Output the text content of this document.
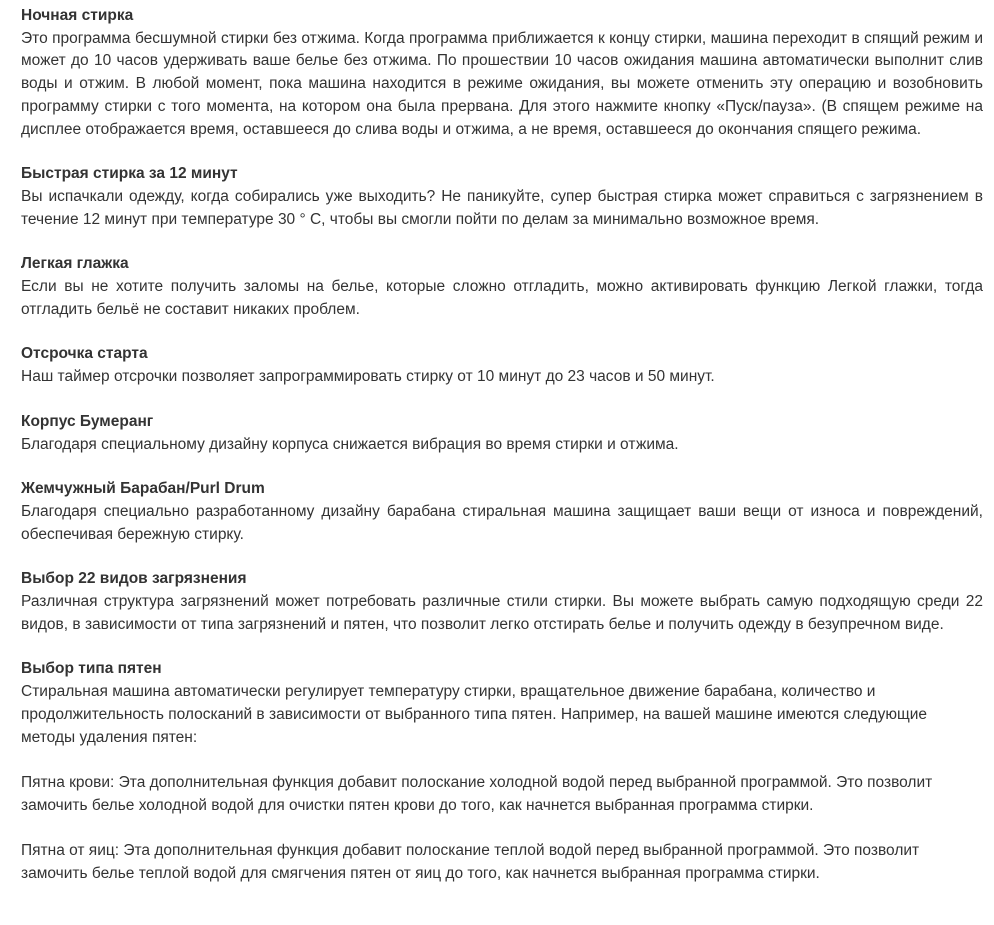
Ночная стирка
Это программа бесшумной стирки без отжима. Когда программа приближается к концу стирки, машина переходит в спящий режим и может до 10 часов удерживать ваше белье без отжима. По прошествии 10 часов ожидания машина автоматически выполнит слив воды и отжим. В любой момент, пока машина находится в режиме ожидания, вы можете отменить эту операцию и возобновить программу стирки с того момента, на котором она была прервана. Для этого нажмите кнопку «Пуск/пауза». (В спящем режиме на дисплее отображается время, оставшееся до слива воды и отжима, а не время, оставшееся до окончания спящего режима.
Быстрая стирка за 12 минут
Вы испачкали одежду, когда собирались уже выходить? Не паникуйте, супер быстрая стирка может справиться с загрязнением в течение 12 минут при температуре 30 ° C, чтобы вы смогли пойти по делам за минимально возможное время.
Легкая глажка
Если вы не хотите получить заломы на белье, которые сложно отгладить, можно активировать функцию Легкой глажки, тогда отгладить бельё не составит никаких проблем.
Отсрочка старта
Наш таймер отсрочки позволяет запрограммировать стирку от 10 минут до 23 часов и 50 минут.
Корпус Бумеранг
Благодаря специальному дизайну корпуса снижается вибрация во время стирки и отжима.
Жемчужный Барабан/Purl Drum
Благодаря специально разработанному дизайну барабана стиральная машина защищает ваши вещи от износа и повреждений, обеспечивая бережную стирку.
Выбор 22 видов загрязнения
Различная структура загрязнений может потребовать различные стили стирки. Вы можете выбрать самую подходящую среди 22 видов, в зависимости от типа загрязнений и пятен, что позволит легко отстирать белье и получить одежду в безупречном виде.
Выбор типа пятен
Стиральная машина автоматически регулирует температуру стирки, вращательное движение барабана, количество и продолжительность полосканий в зависимости от выбранного типа пятен. Например, на вашей машине имеются следующие методы удаления пятен:
Пятна крови: Эта дополнительная функция добавит полоскание холодной водой перед выбранной программой. Это позволит замочить белье холодной водой для очистки пятен крови до того, как начнется выбранная программа стирки.
Пятна от яиц: Эта дополнительная функция добавит полоскание теплой водой перед выбранной программой. Это позволит замочить белье теплой водой для смягчения пятен от яиц до того, как начнется выбранная программа стирки.
